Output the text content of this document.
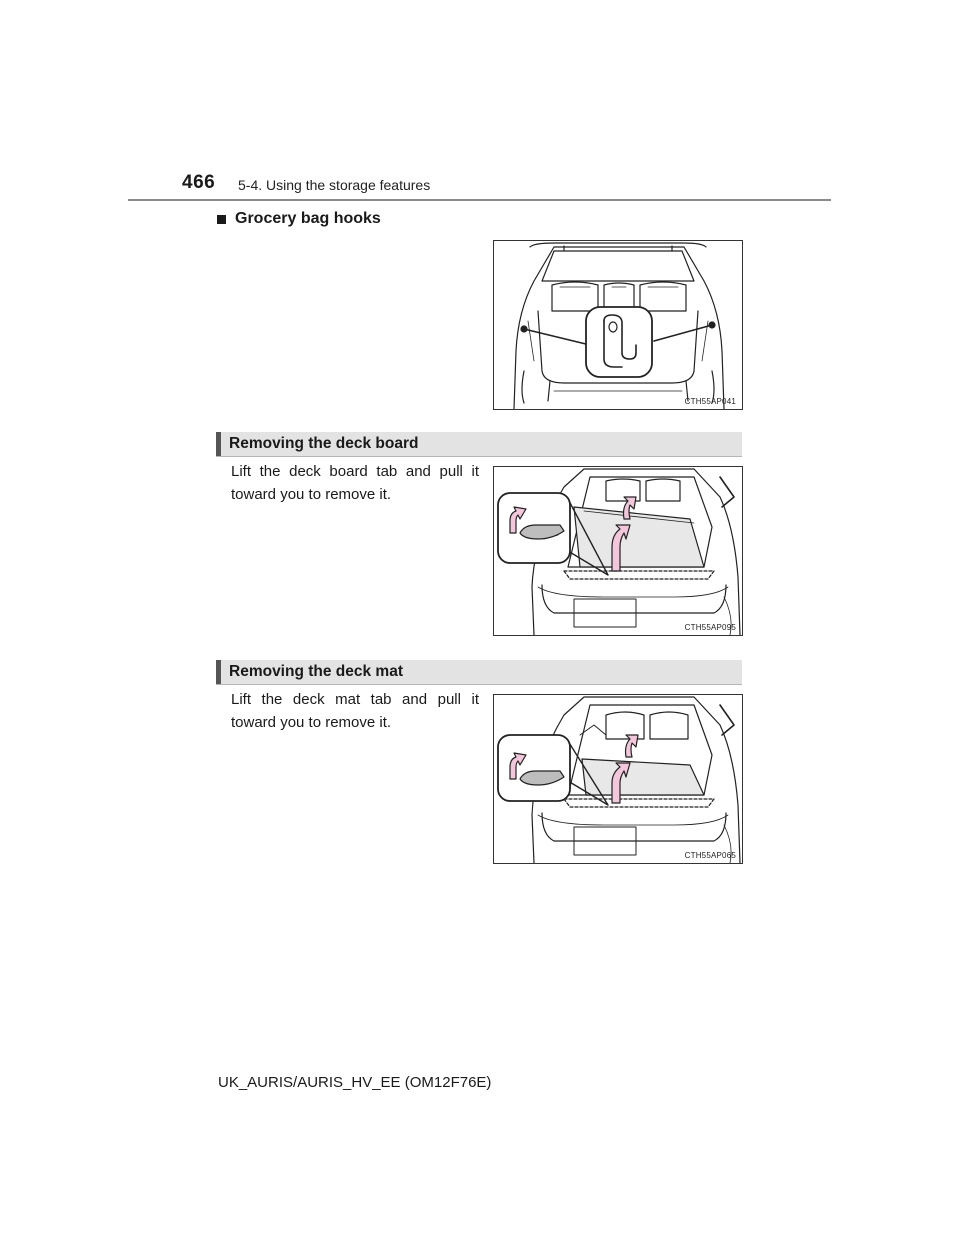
466 5-4. Using the storage features
Grocery bag hooks
CTH55AP041
Removing the deck board
Lift the deck board tab and pull it toward you to remove it.
CTH55AP095
Removing the deck mat
Lift the deck mat tab and pull it toward you to remove it.
CTH55AP065
UK_AURIS/AURIS_HV_EE (OM12F76E)
